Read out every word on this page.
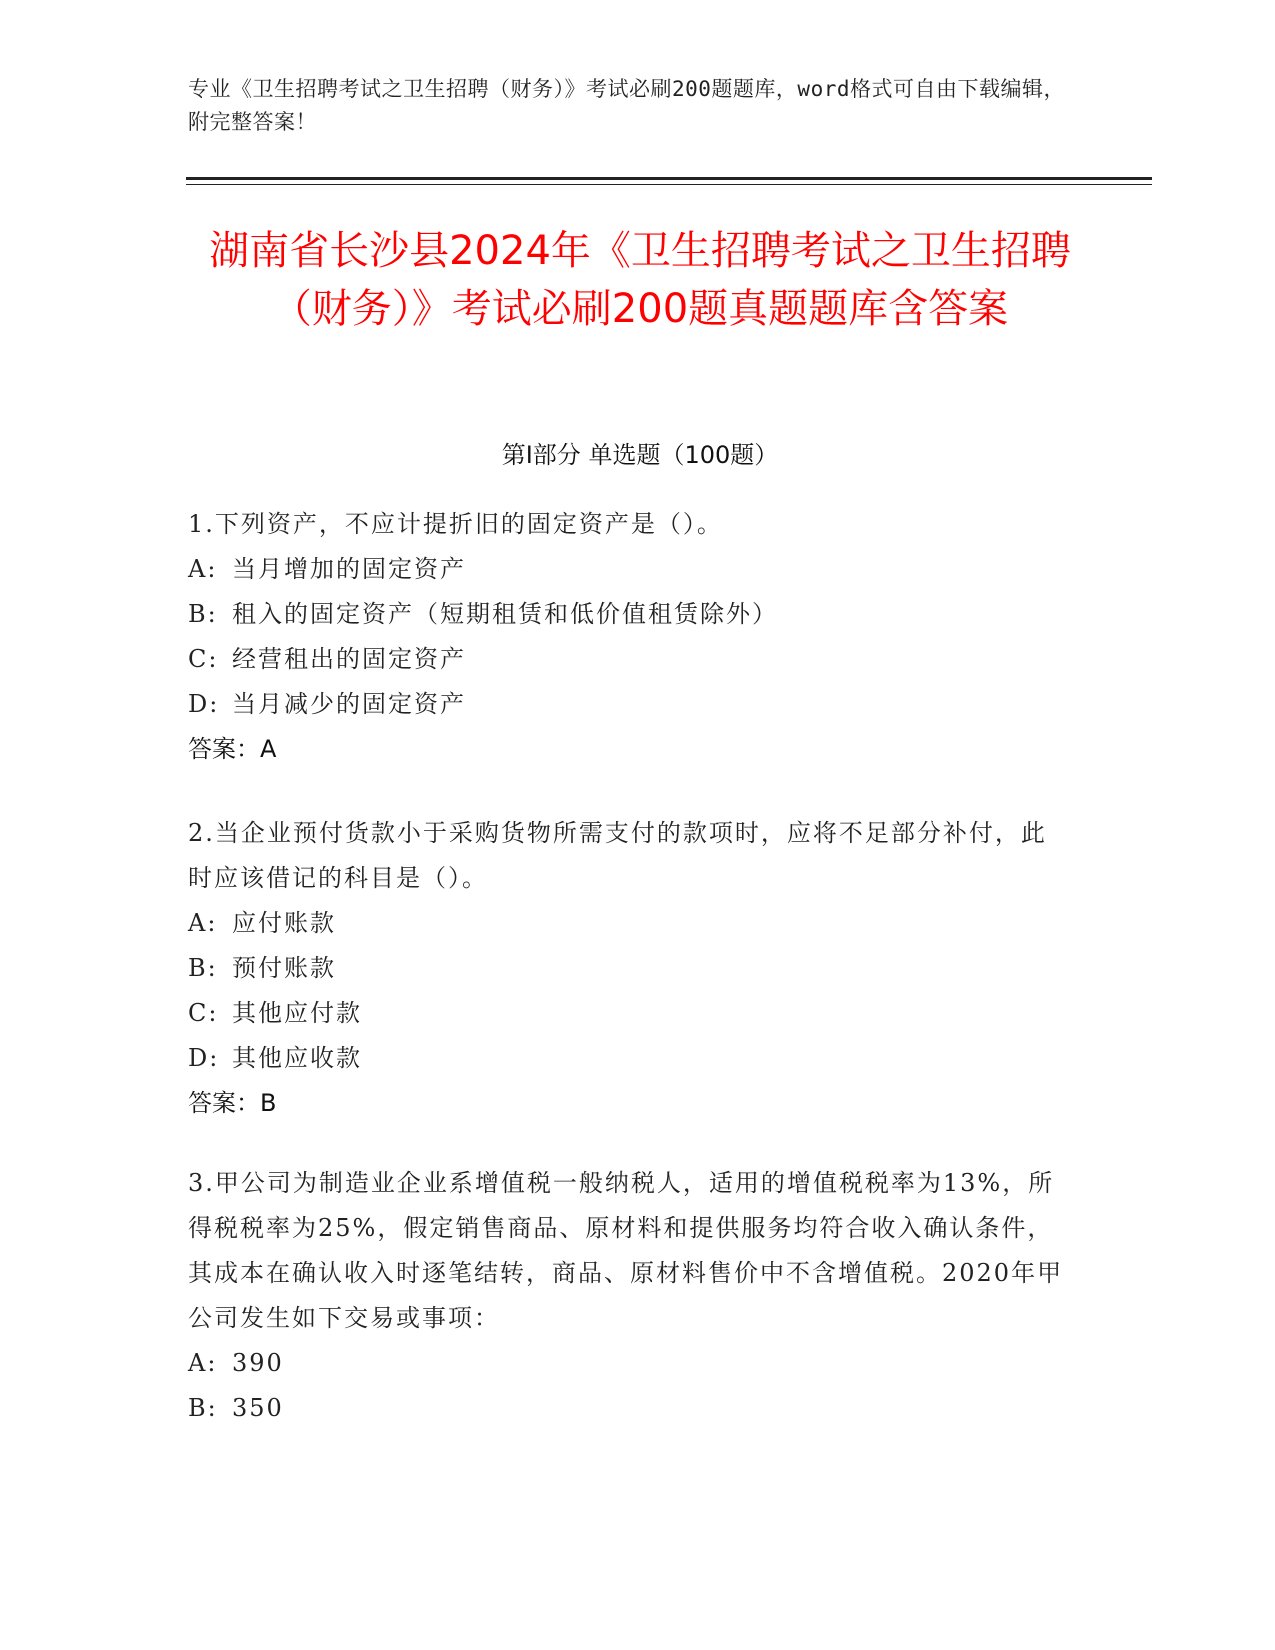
专业《卫生招聘考试之卫生招聘（财务）》考试必刷200题题库，word格式可自由下载编辑，附完整答案！
湖南省长沙县2024年《卫生招聘考试之卫生招聘（财务）》考试必刷200题真题题库含答案
第Ⅰ部分 单选题（100题）
1.下列资产，不应计提折旧的固定资产是（）。
A: 当月增加的固定资产
B: 租入的固定资产（短期租赁和低价值租赁除外）
C: 经营租出的固定资产
D: 当月减少的固定资产
答案：A
2.当企业预付货款小于采购货物所需支付的款项时，应将不足部分补付，此时应该借记的科目是（）。
A: 应付账款
B: 预付账款
C: 其他应付款
D: 其他应收款
答案：B
3.甲公司为制造业企业系增值税一般纳税人，适用的增值税税率为13%，所得税税率为25%，假定销售商品、原材料和提供服务均符合收入确认条件，其成本在确认收入时逐笔结转，商品、原材料售价中不含增值税。2020年甲公司发生如下交易或事项：
A: 390
B: 350
